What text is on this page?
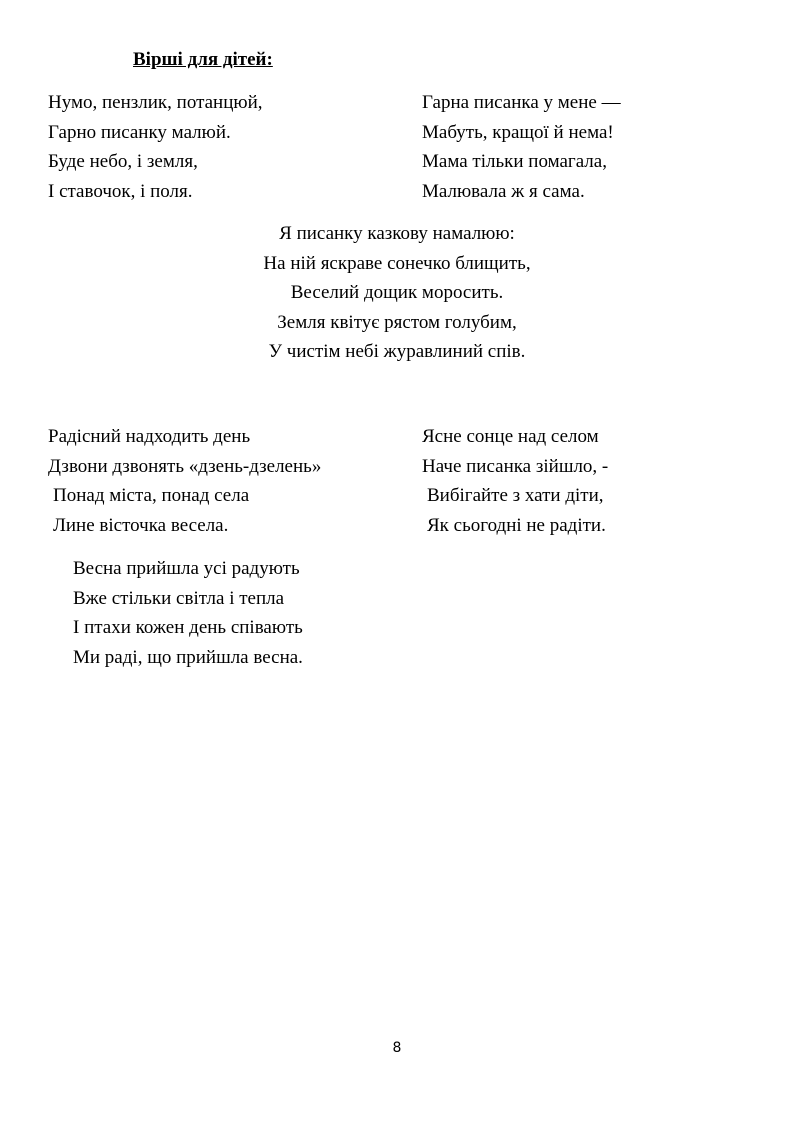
Вірші для дітей:
Нумо, пензлик, потанцюй,
Гарно писанку малюй.
Буде небо, і земля,
І ставочок, і поля.
Гарна писанка у мене —
Мабуть, кращої й нема!
Мама тільки помагала,
Малювала ж я сама.
Я писанку казкову намалюю:
На ній яскраве сонечко блищить,
Веселий дощик моросить.
Земля квітує рястом голубим,
У чистім небі журавлиний спів.
Радісний надходить день
Дзвони дзвонять «дзень-дзелень»
Понад міста, понад села
Лине вісточка весела.
Ясне сонце над селом
Наче писанка зійшло, -
Вибігайте з хати діти,
Як сьогодні не радіти.
Весна прийшла усі радують
Вже стільки світла і тепла
І птахи кожен день співають
Ми раді, що прийшла весна.
8
